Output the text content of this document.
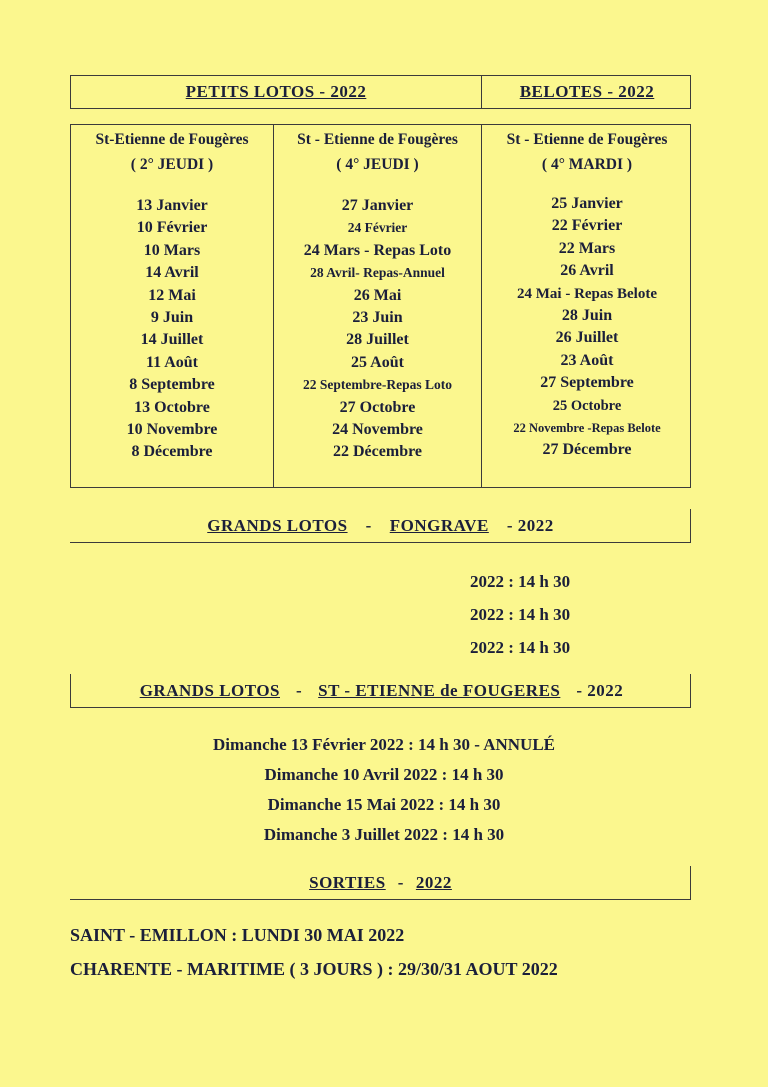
PETITS LOTOS - 2022	BELOTES - 2022
St-Etienne de Fougères
( 2° JEUDI )
13 Janvier
10 Février
10 Mars
14 Avril
12 Mai
9 Juin
14 Juillet
11 Août
8 Septembre
13 Octobre
10 Novembre
8 Décembre
St - Etienne de Fougères
( 4° JEUDI )
27 Janvier
24 Février
24 Mars - Repas Loto
28 Avril- Repas-Annuel
26 Mai
23 Juin
28 Juillet
25 Août
22 Septembre-Repas Loto
27 Octobre
24 Novembre
22 Décembre
St - Etienne de Fougères
( 4° MARDI )
25 Janvier
22 Février
22 Mars
26 Avril
24 Mai - Repas Belote
28 Juin
26 Juillet
23 Août
27 Septembre
25 Octobre
22 Novembre -Repas Belote
27 Décembre
GRANDS LOTOS - FONGRAVE - 2022
2022 : 14 h 30
2022 : 14 h 30
2022 : 14 h 30
GRANDS LOTOS - ST - ETIENNE de FOUGERES - 2022
Dimanche 13 Février 2022 : 14 h 30 - ANNULÉ
Dimanche 10 Avril 2022 : 14 h 30
Dimanche 15 Mai 2022 : 14 h 30
Dimanche 3 Juillet 2022 : 14 h 30
SORTIES - 2022
SAINT - EMILLON : LUNDI 30 MAI 2022
CHARENTE - MARITIME ( 3 JOURS ) : 29/30/31 AOUT 2022
